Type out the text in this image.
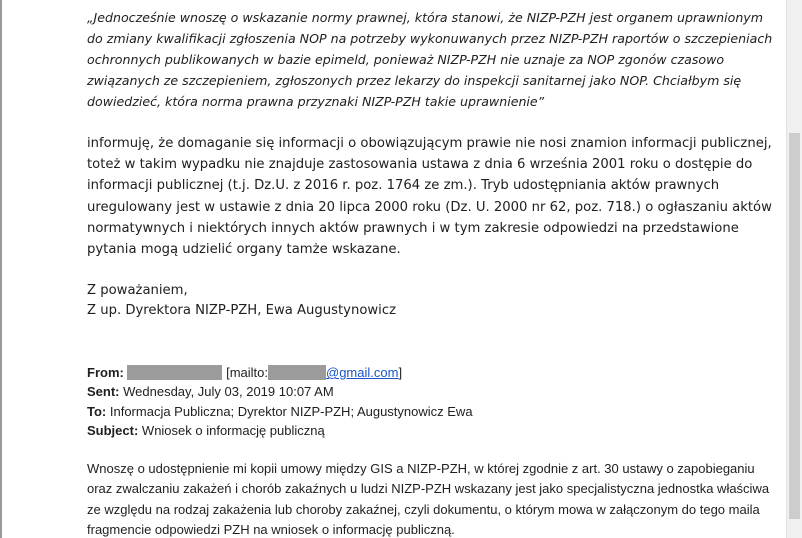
„Jednocześnie wnoszę o wskazanie normy prawnej, która stanowi, że NIZP-PZH jest organem uprawnionym do zmiany kwalifikacji zgłoszenia NOP na potrzeby wykonuwanych przez NIZP-PZH raportów o szczepieniach ochronnych publikowanych w bazie epimeld, ponieważ NIZP-PZH nie uznaje za NOP zgonów czasowo związanych ze szczepieniem, zgłoszonych przez lekarzy do inspekcji sanitarnej jako NOP. Chciałbym się dowiedzieć, która norma prawna przyznaki NIZP-PZH takie uprawnienie”
informuję, że domaganie się informacji o obowiązującym prawie nie nosi znamion informacji publicznej, toteż w takim wypadku nie znajduje zastosowania ustawa z dnia 6 września 2001 roku o dostępie do informacji publicznej (t.j. Dz.U. z 2016 r. poz. 1764 ze zm.). Tryb udostępniania aktów prawnych uregulowany jest w ustawie z dnia 20 lipca 2000 roku (Dz. U. 2000 nr 62, poz. 718.) o ogłaszaniu aktów normatywnych i niektórych innych aktów prawnych i w tym zakresie odpowiedzi na przedstawione pytania mogą udzielić organy tamże wskazane.
Z poważaniem,
Z up. Dyrektora NIZP-PZH, Ewa Augustynowicz
From:	[mailto:	@gmail.com]
Sent: Wednesday, July 03, 2019 10:07 AM
To: Informacja Publiczna; Dyrektor NIZP-PZH; Augustynowicz Ewa
Subject: Wniosek o informację publiczną
Wnoszę o udostępnienie mi kopii umowy między GIS a NIZP-PZH, w której zgodnie z art. 30 ustawy o zapobieganiu oraz zwalczaniu zakażeń i chorób zakaźnych u ludzi NIZP-PZH wskazany jest jako specjalistyczna jednostka właściwa ze względu na rodzaj zakażenia lub choroby zakaźnej, czyli dokumentu, o którym mowa w załączonym do tego maila fragmencie odpowiedzi PZH na wniosek o informację publiczną.
